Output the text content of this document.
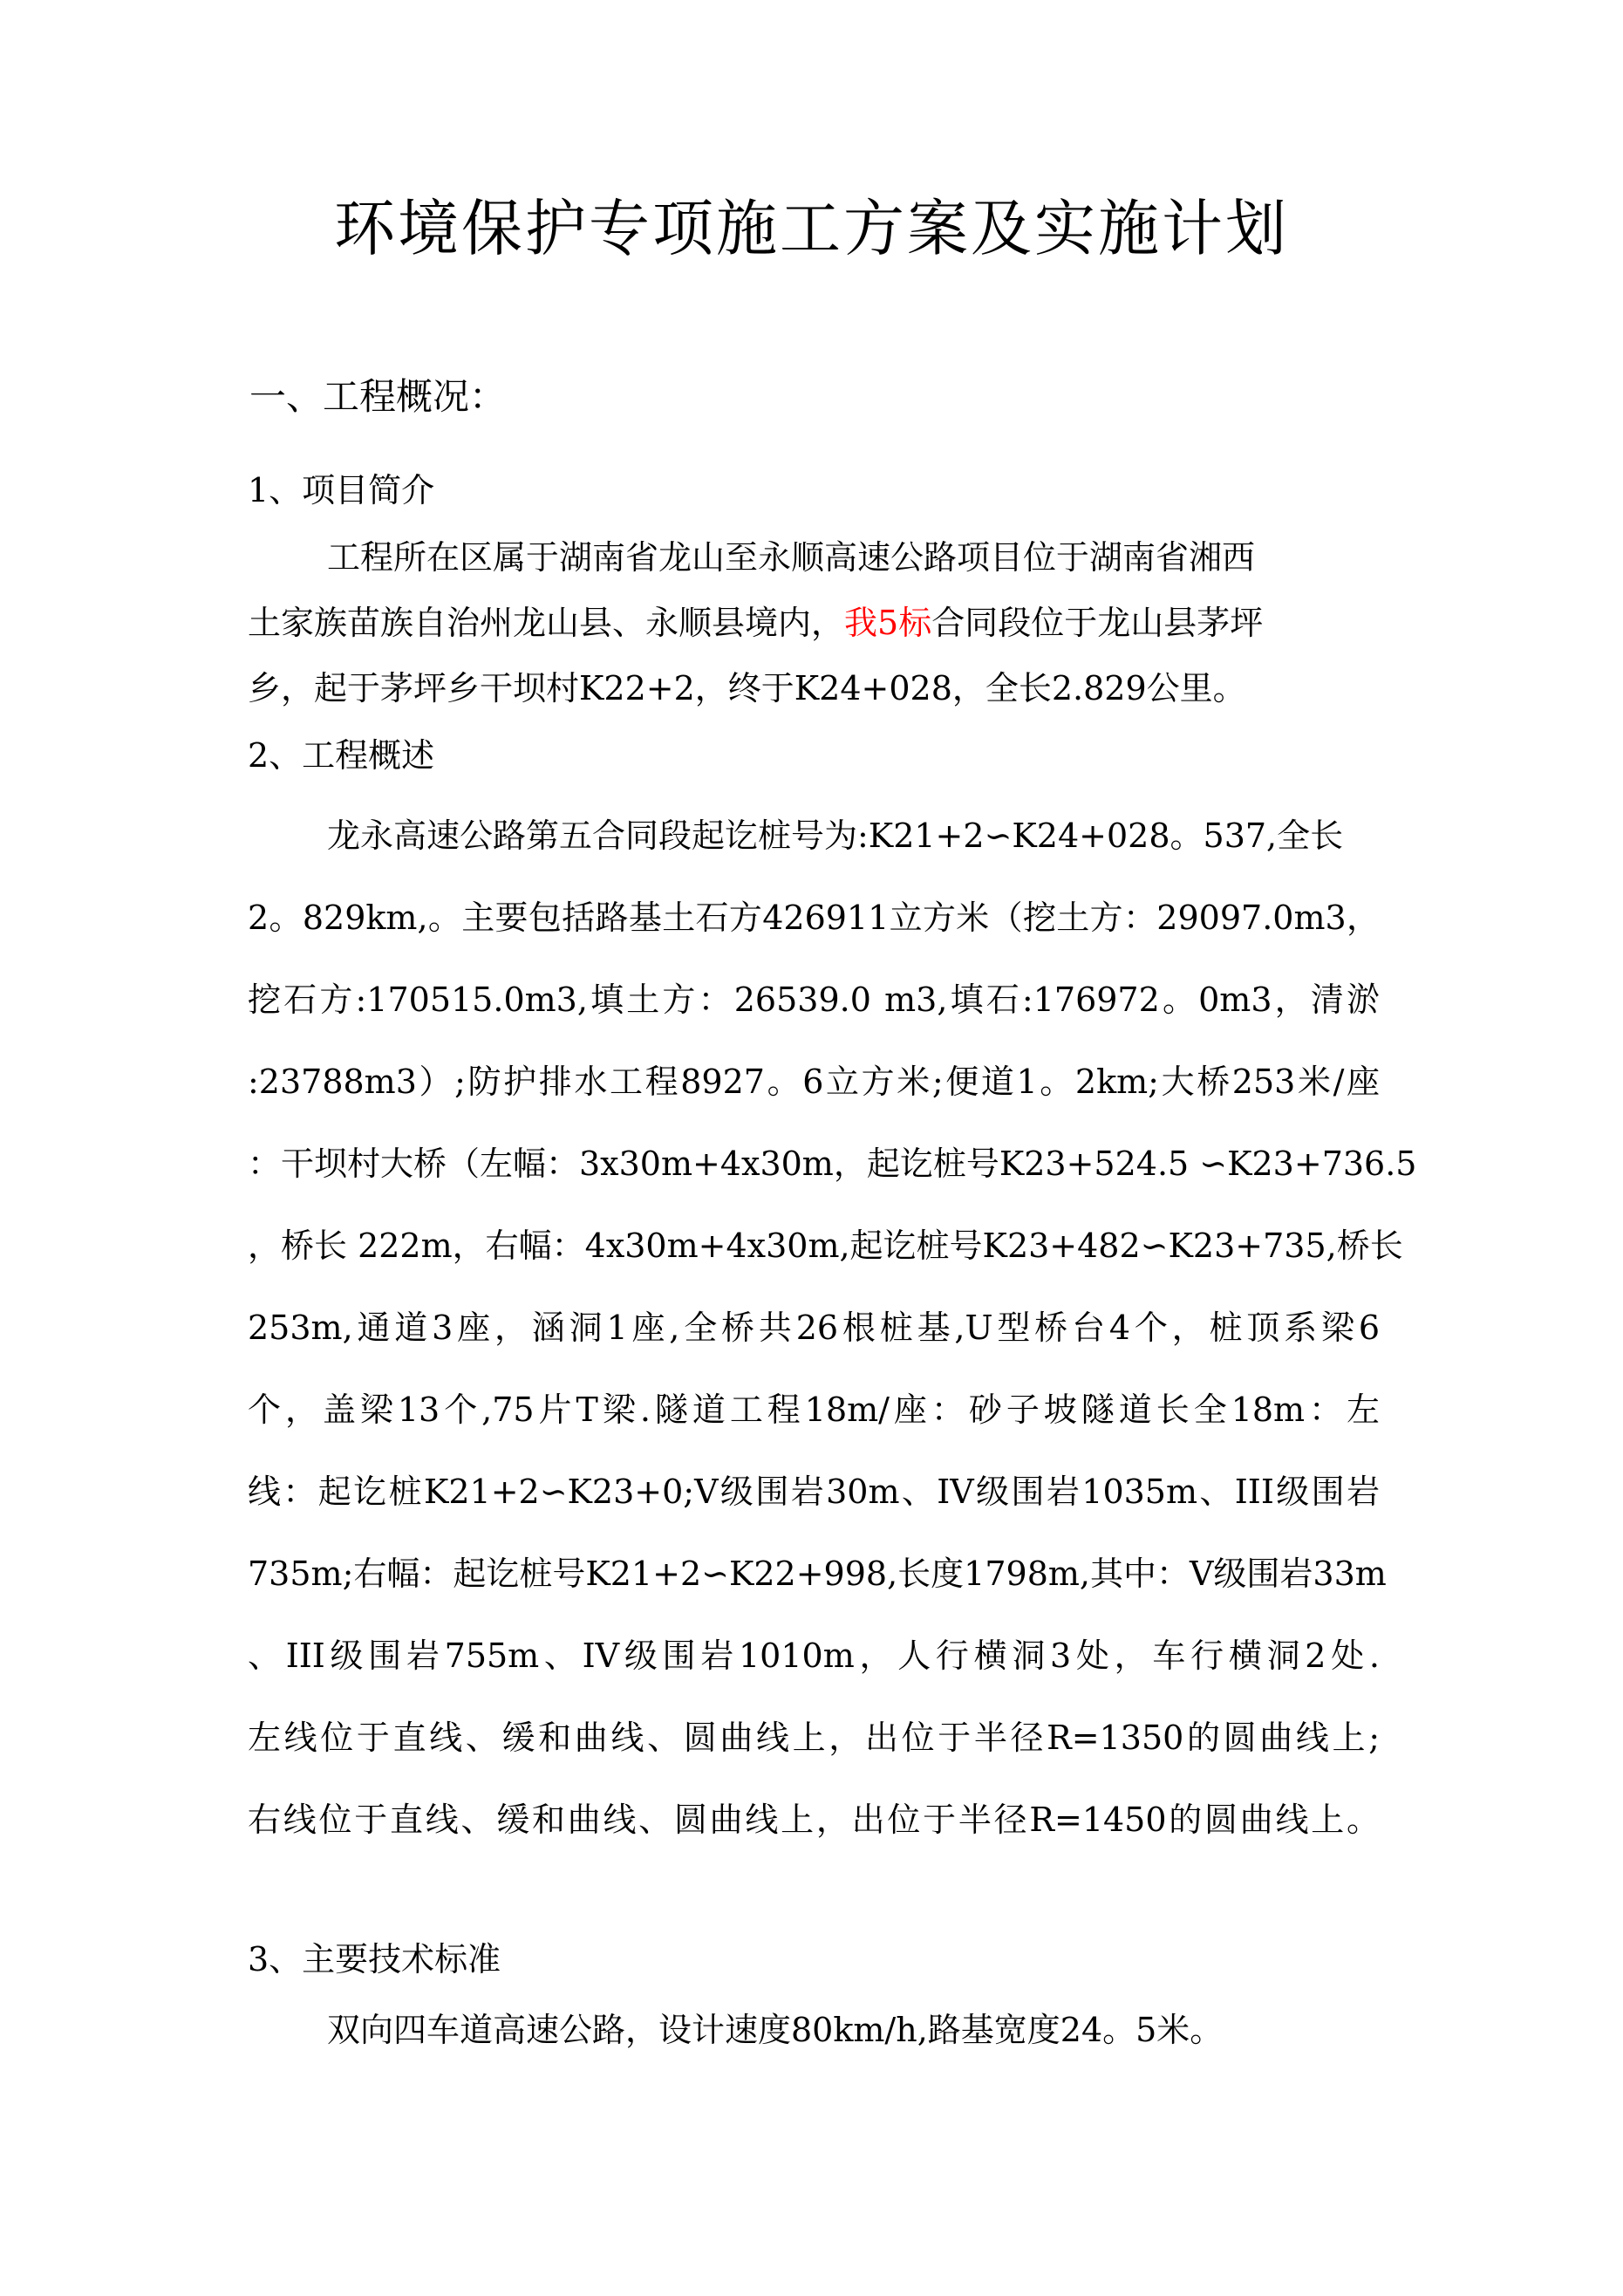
环境保护专项施工方案及实施计划
一、工程概况：
1、项目简介
工程所在区属于湖南省龙山至永顺高速公路项目位于湖南省湘西
土家族苗族自治州龙山县、永顺县境内，我5标合同段位于龙山县茅坪
乡，起于茅坪乡干坝村K22+2，终于K24+028，全长2.829公里。
2、工程概述
龙永高速公路第五合同段起讫桩号为:K21+2∽K24+028。537,全长
2。829km,。主要包括路基土石方426911立方米（挖土方：29097.0m3，
挖石方:170515.0m3,填土方：26539.0 m3,填石:176972。0m3，清淤
:23788m3）;防护排水工程8927。6立方米;便道1。2km;大桥253米/座
：干坝村大桥（左幅：3x30m+4x30m，起讫桩号K23+524.5 ∽K23+736.5
，桥长 222m，右幅：4x30m+4x30m,起讫桩号K23+482∽K23+735,桥长
253m,通道3座，涵洞1座,全桥共26根桩基,U型桥台4个，桩顶系梁6
个，盖梁13个,75片T梁.隧道工程18m/座：砂子坡隧道长全18m：左
线：起讫桩K21+2∽K23+0;V级围岩30m、IV级围岩1035m、III级围岩
735m;右幅：起讫桩号K21+2∽K22+998,长度1798m,其中：V级围岩33m
、III级围岩755m、IV级围岩1010m，人行横洞3处，车行横洞2处.
左线位于直线、缓和曲线、圆曲线上，出位于半径R=1350的圆曲线上;
右线位于直线、缓和曲线、圆曲线上，出位于半径R=1450的圆曲线上。
3、主要技术标准
双向四车道高速公路，设计速度80km/h,路基宽度24。5米。
